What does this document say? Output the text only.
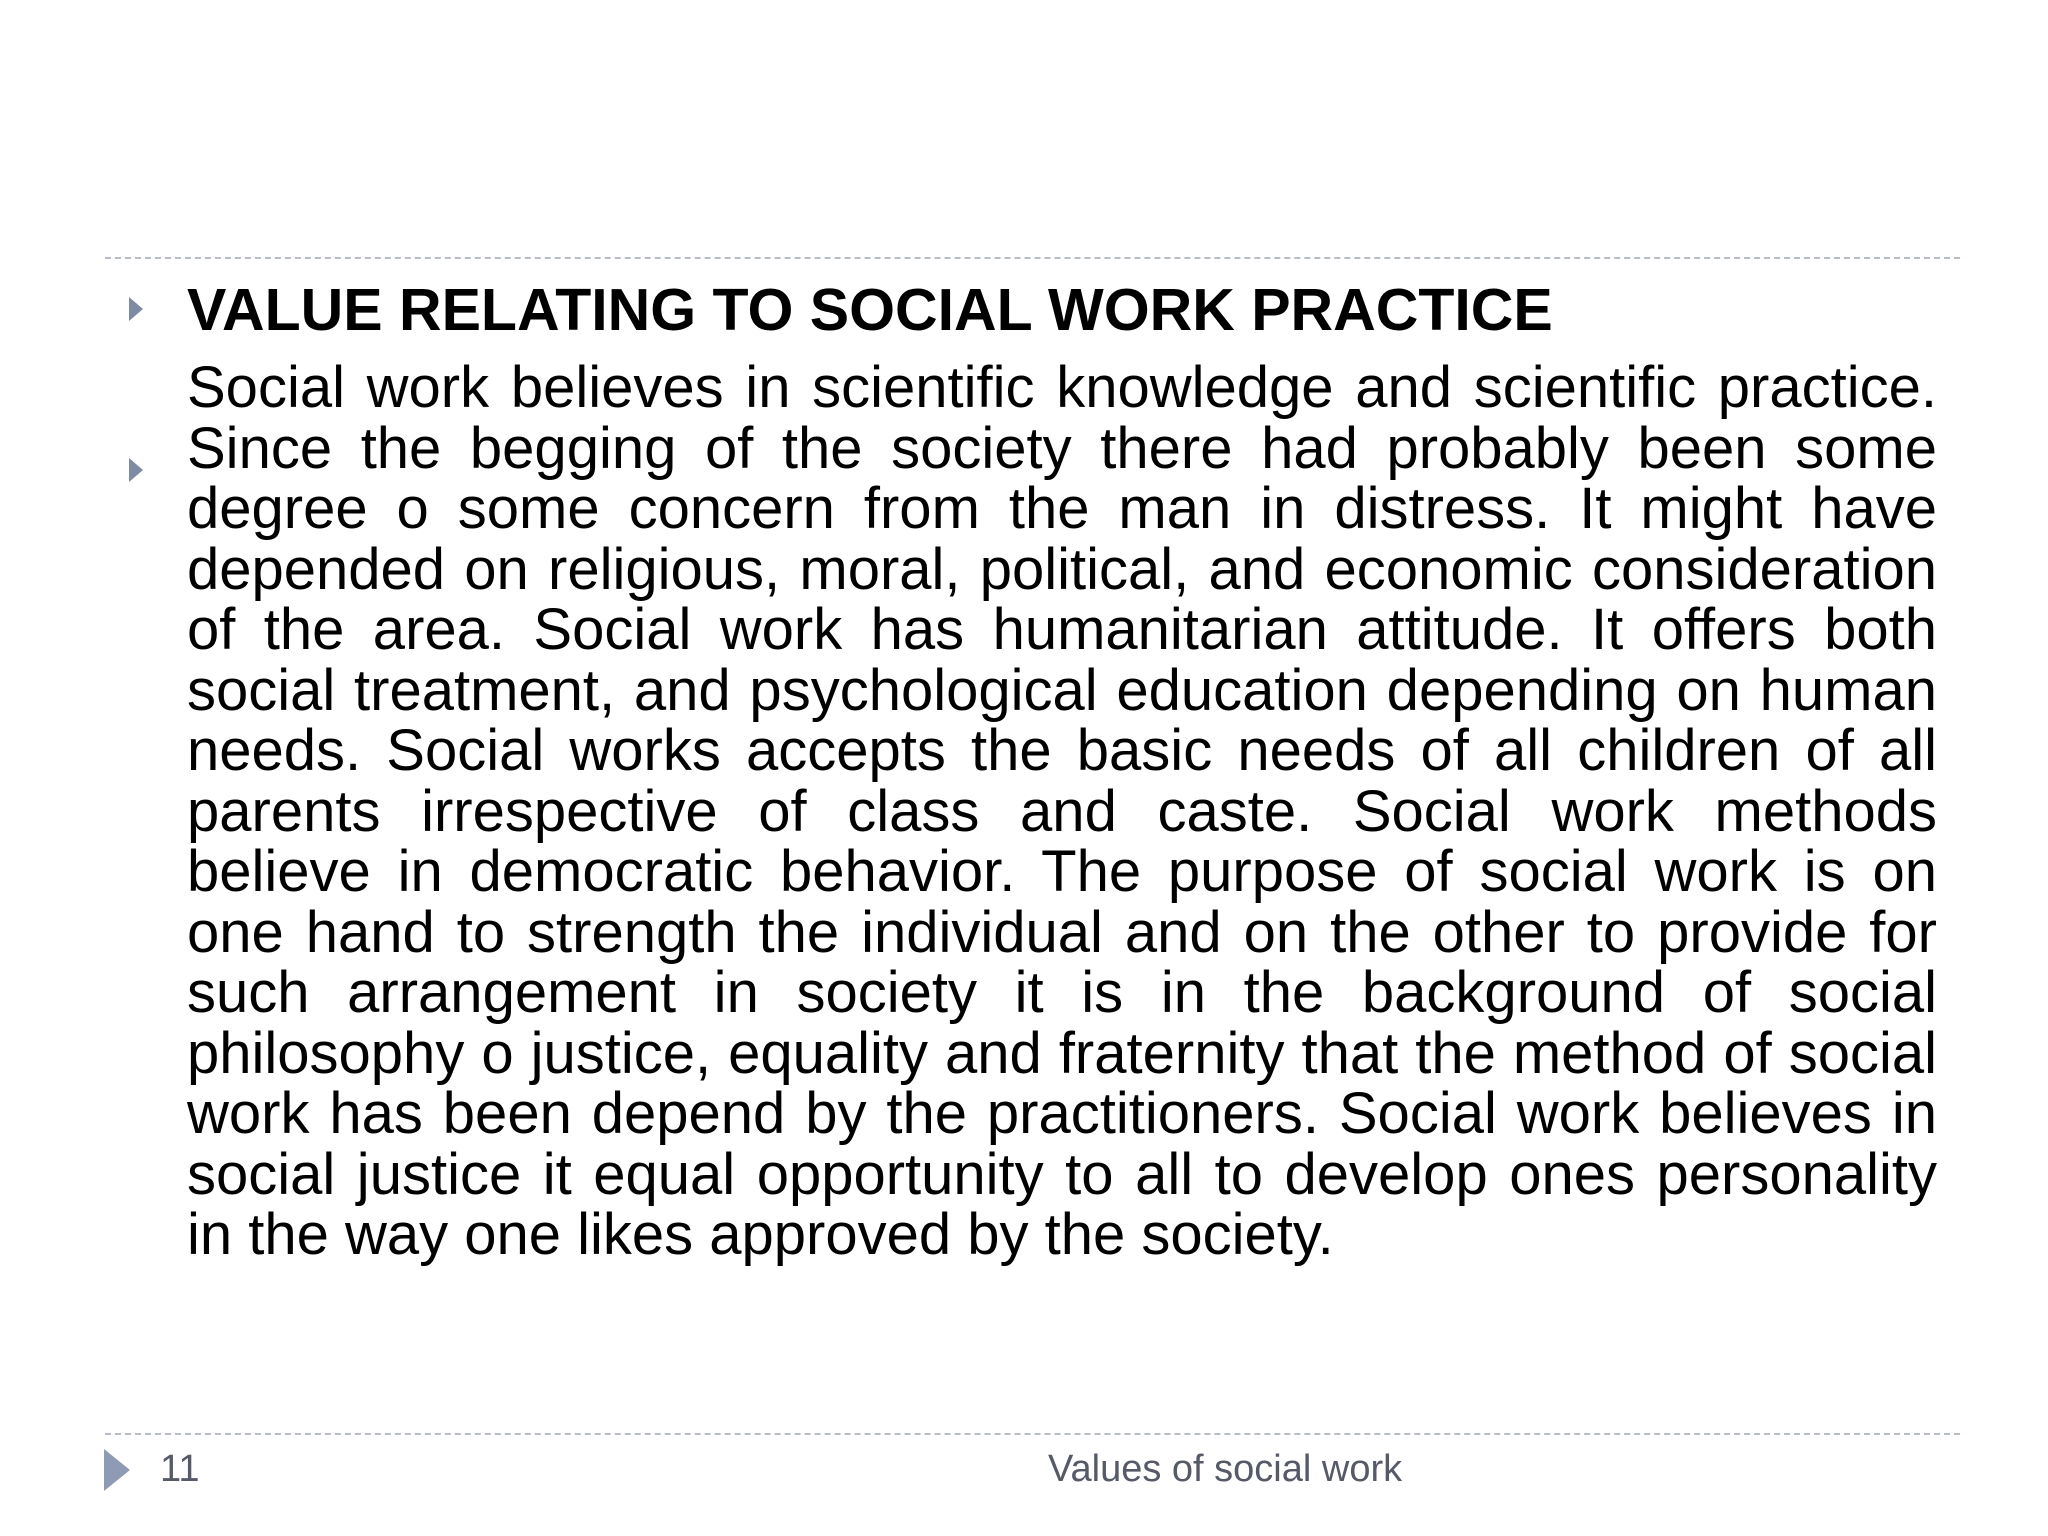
VALUE RELATING TO SOCIAL WORK PRACTICE
Social work believes in scientific knowledge and scientific practice. Since the begging of the society there had probably been some degree o some concern from the man in distress. It might have depended on religious, moral, political, and economic consideration of the area. Social work has humanitarian attitude. It offers both social treatment, and psychological education depending on human needs. Social works accepts the basic needs of all children of all parents irrespective of class and caste. Social work methods believe in democratic behavior. The purpose of social work is on one hand to strength the individual and on the other to provide for such arrangement in society it is in the background of social philosophy o justice, equality and fraternity that the method of social work has been depend by the practitioners. Social work believes in social justice it equal opportunity to all to develop ones personality in the way one likes approved by the society.
11	Values of social work
